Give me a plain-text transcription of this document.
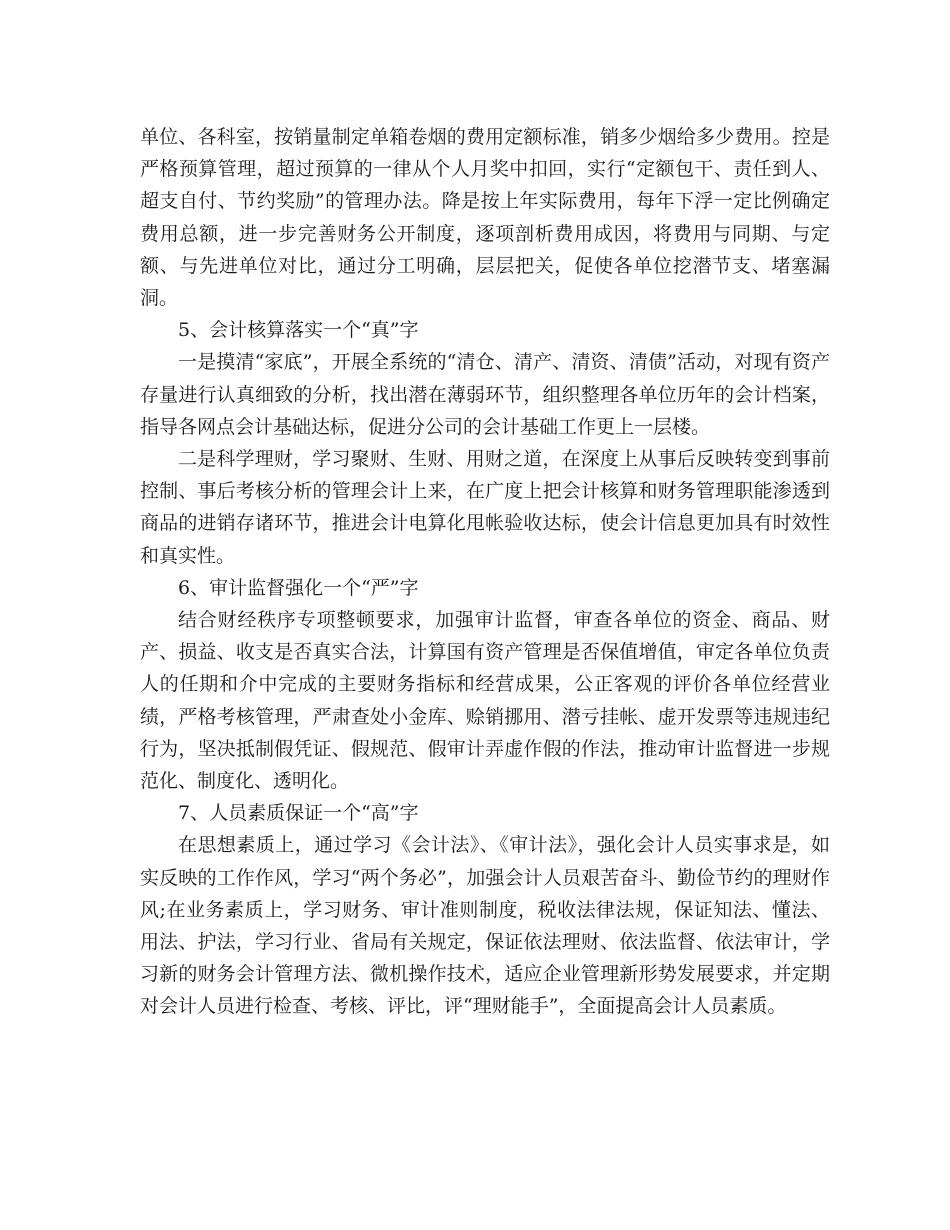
单位、各科室，按销量制定单箱卷烟的费用定额标准，销多少烟给多少费用。控是严格预算管理，超过预算的一律从个人月奖中扣回，实行“定额包干、责任到人、超支自付、节约奖励”的管理办法。降是按上年实际费用，每年下浮一定比例确定费用总额，进一步完善财务公开制度，逐项剖析费用成因，将费用与同期、与定额、与先进单位对比，通过分工明确，层层把关，促使各单位挖潜节支、堵塞漏洞。

5、会计核算落实一个“真”字

一是摸清“家底”，开展全系统的“清仓、清产、清资、清债”活动，对现有资产存量进行认真细致的分析，找出潜在薄弱环节，组织整理各单位历年的会计档案，指导各网点会计基础达标，促进分公司的会计基础工作更上一层楼。

二是科学理财，学习聚财、生财、用财之道，在深度上从事后反映转变到事前控制、事后考核分析的管理会计上来，在广度上把会计核算和财务管理职能渗透到商品的进销存诸环节，推进会计电算化甩帐验收达标，使会计信息更加具有时效性和真实性。

6、审计监督强化一个“严”字

结合财经秩序专项整顿要求，加强审计监督，审查各单位的资金、商品、财产、损益、收支是否真实合法，计算国有资产管理是否保值增值，审定各单位负责人的任期和介中完成的主要财务指标和经营成果，公正客观的评价各单位经营业绩，严格考核管理，严肃查处小金库、赊销挪用、潜亏挂帐、虚开发票等违规违纪行为，坚决抵制假凭证、假规范、假审计弄虚作假的作法，推动审计监督进一步规范化、制度化、透明化。

7、人员素质保证一个“高”字

在思想素质上，通过学习《会计法》、《审计法》，强化会计人员实事求是，如实反映的工作作风，学习“两个务必”，加强会计人员艰苦奋斗、勤俭节约的理财作风;在业务素质上，学习财务、审计准则制度，税收法律法规，保证知法、懂法、用法、护法，学习行业、省局有关规定，保证依法理财、依法监督、依法审计，学习新的财务会计管理方法、微机操作技术，适应企业管理新形势发展要求，并定期对会计人员进行检查、考核、评比，评“理财能手”，全面提高会计人员素质。
